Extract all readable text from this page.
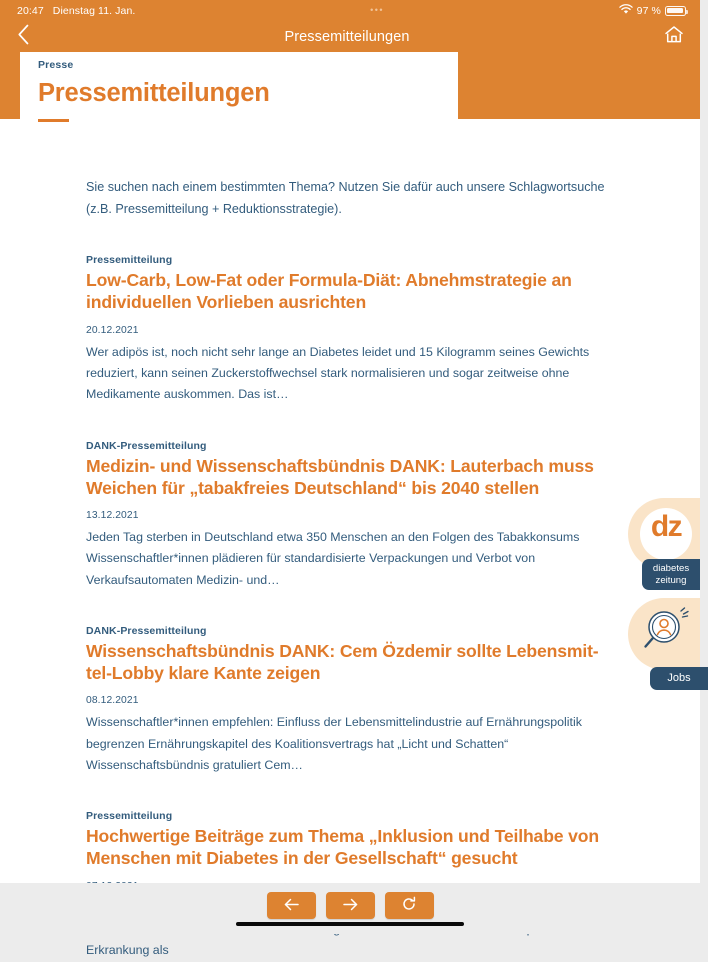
20:47 Dienstag 11. Jan.	•••	97 %
Pressemitteilungen
Presse
Pressemitteilungen

Sie suchen nach einem bestimmten Thema? Nutzen Sie dafür auch unsere Schlagwortsuche (z.B. Pressemitteilung + Reduktionsstrategie).

Pressemitteilung
Low-Carb, Low-Fat oder Formula-Diät: Abnehmstrategie an individuellen Vorlieben ausrichten
20.12.2021
Wer adipös ist, noch nicht sehr lange an Diabetes leidet und 15 Kilogramm seines Gewichts reduziert, kann seinen Zuckerstoffwechsel stark normalisieren und sogar zeitweise ohne Medikamente auskommen. Das ist…
DANK-Pressemitteilung
Medizin- und Wissenschaftsbündnis DANK: Lauterbach muss Weichen für „tabakfreies Deutschland“ bis 2040 stellen
13.12.2021
Jeden Tag sterben in Deutschland etwa 350 Menschen an den Folgen des Tabakkonsums Wissenschaftler*innen plädieren für standardisierte Verpackungen und Verbot von Verkaufsautomaten Medizin- und…
DANK-Pressemitteilung
Wissenschaftsbündnis DANK: Cem Özdemir sollte Lebensmittel-Lobby klare Kante zeigen
08.12.2021
Wissenschaftler*innen empfehlen: Einfluss der Lebensmittelindustrie auf Ernährungspolitik begrenzen Ernährungskapitel des Koalitionsvertrags hat „Licht und Schatten“ Wissenschaftsbündnis gratuliert Cem…
Pressemitteilung
Hochwertige Beiträge zum Thema „Inklusion und Teilhabe von Menschen mit Diabetes in der Gesellschaft“ gesucht
Erkrankung als
dz
diabetes
zeitung
Jobs
